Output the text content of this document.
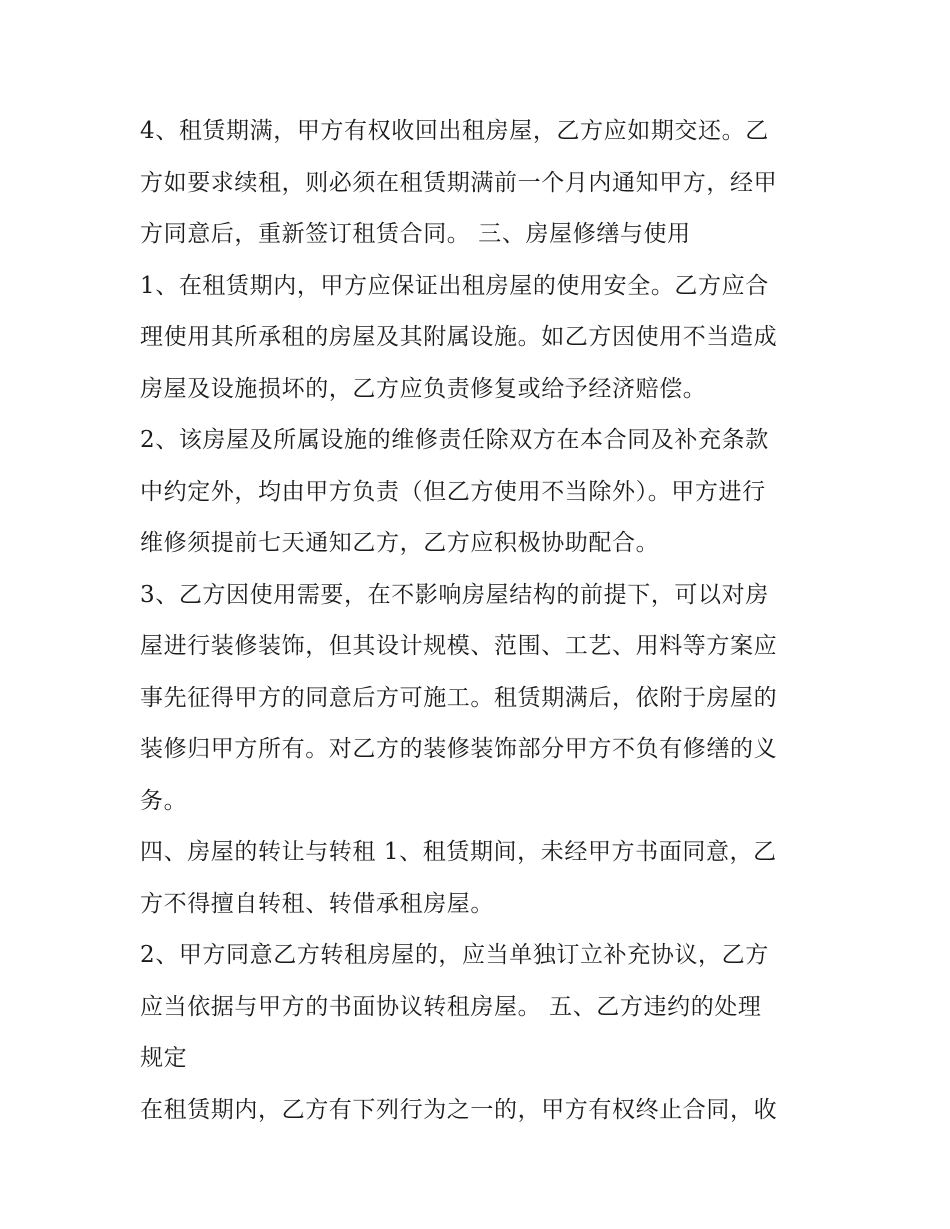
4、租赁期满，甲方有权收回出租房屋，乙方应如期交还。乙
方如要求续租，则必须在租赁期满前一个月内通知甲方，经甲
方同意后，重新签订租赁合同。 三、房屋修缮与使用
1、在租赁期内，甲方应保证出租房屋的使用安全。乙方应合
理使用其所承租的房屋及其附属设施。如乙方因使用不当造成
房屋及设施损坏的，乙方应负责修复或给予经济赔偿。
2、该房屋及所属设施的维修责任除双方在本合同及补充条款
中约定外，均由甲方负责（但乙方使用不当除外）。甲方进行
维修须提前七天通知乙方，乙方应积极协助配合。
3、乙方因使用需要，在不影响房屋结构的前提下，可以对房
屋进行装修装饰，但其设计规模、范围、工艺、用料等方案应
事先征得甲方的同意后方可施工。租赁期满后，依附于房屋的
装修归甲方所有。对乙方的装修装饰部分甲方不负有修缮的义
务。
四、房屋的转让与转租 1、租赁期间，未经甲方书面同意，乙
方不得擅自转租、转借承租房屋。
2、甲方同意乙方转租房屋的，应当单独订立补充协议，乙方
应当依据与甲方的书面协议转租房屋。 五、乙方违约的处理
规定
在租赁期内，乙方有下列行为之一的，甲方有权终止合同，收
